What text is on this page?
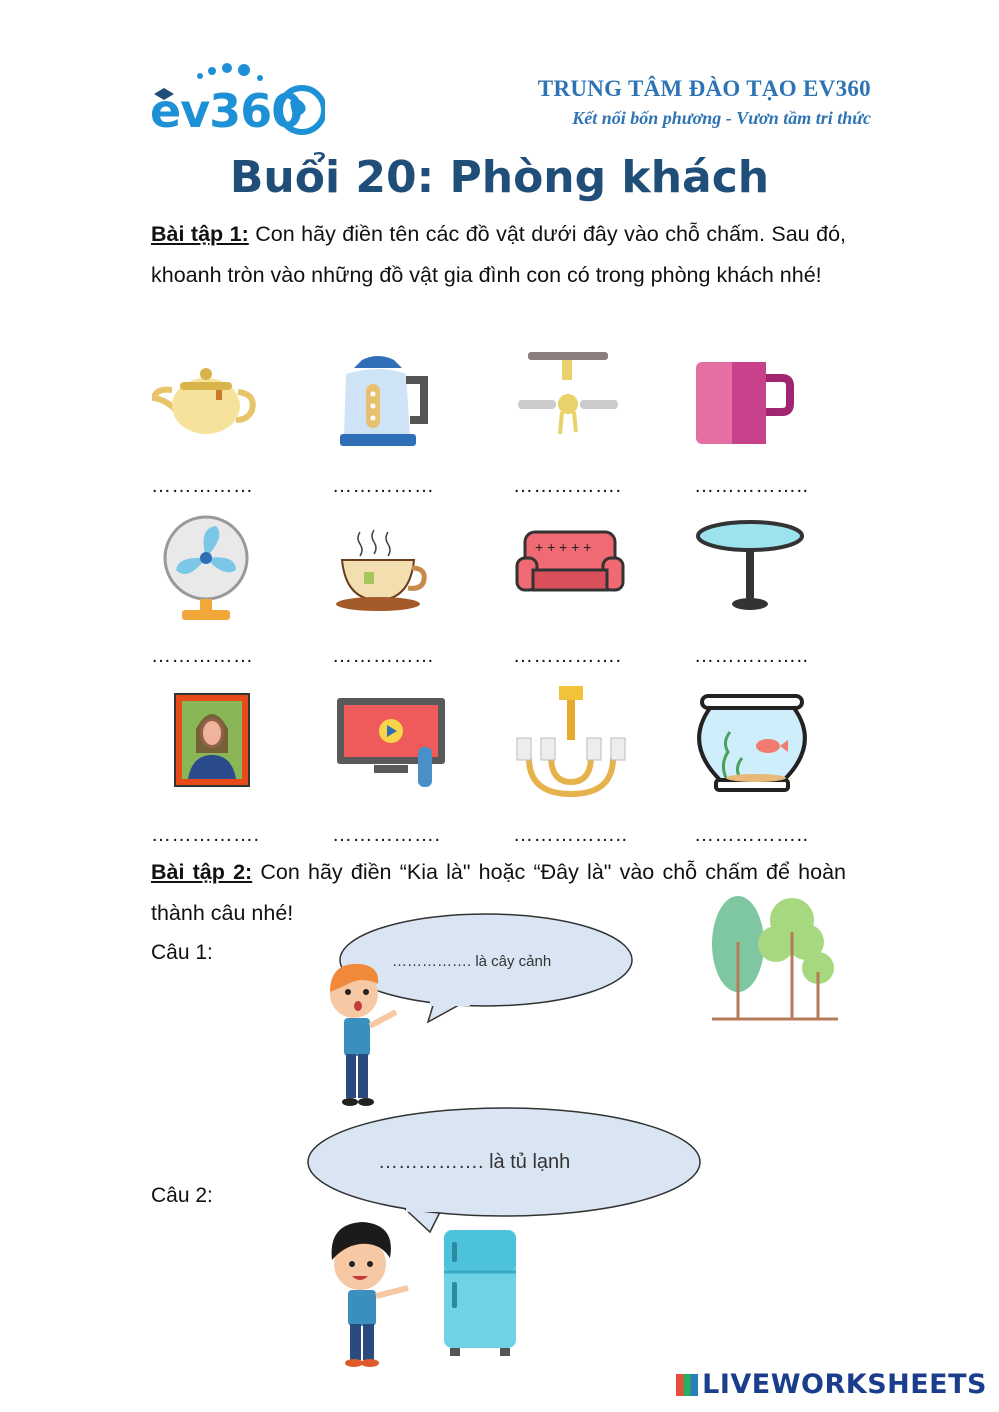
ev360	TRUNG TÂM ĐÀO TẠO EV360
Kết nối bốn phương - Vươn tầm tri thức
Buổi 20: Phòng khách
Bài tập 1: Con hãy điền tên các đồ vật dưới đây vào chỗ chấm. Sau đó, khoanh tròn vào những đồ vật gia đình con có trong phòng khách nhé!
……………	……………	…………….	……………..
+ + + + +
……………	……………	…………….	……………..
…………….	…………….	……………..	……………..
Bài tập 2: Con hãy điền “Kia là" hoặc “Đây là" vào chỗ chấm để hoàn thành câu nhé!
Câu 1:	……………. là cây cảnh
……………. là tủ lạnh
Câu 2:
LIVEWORKSHEETS
